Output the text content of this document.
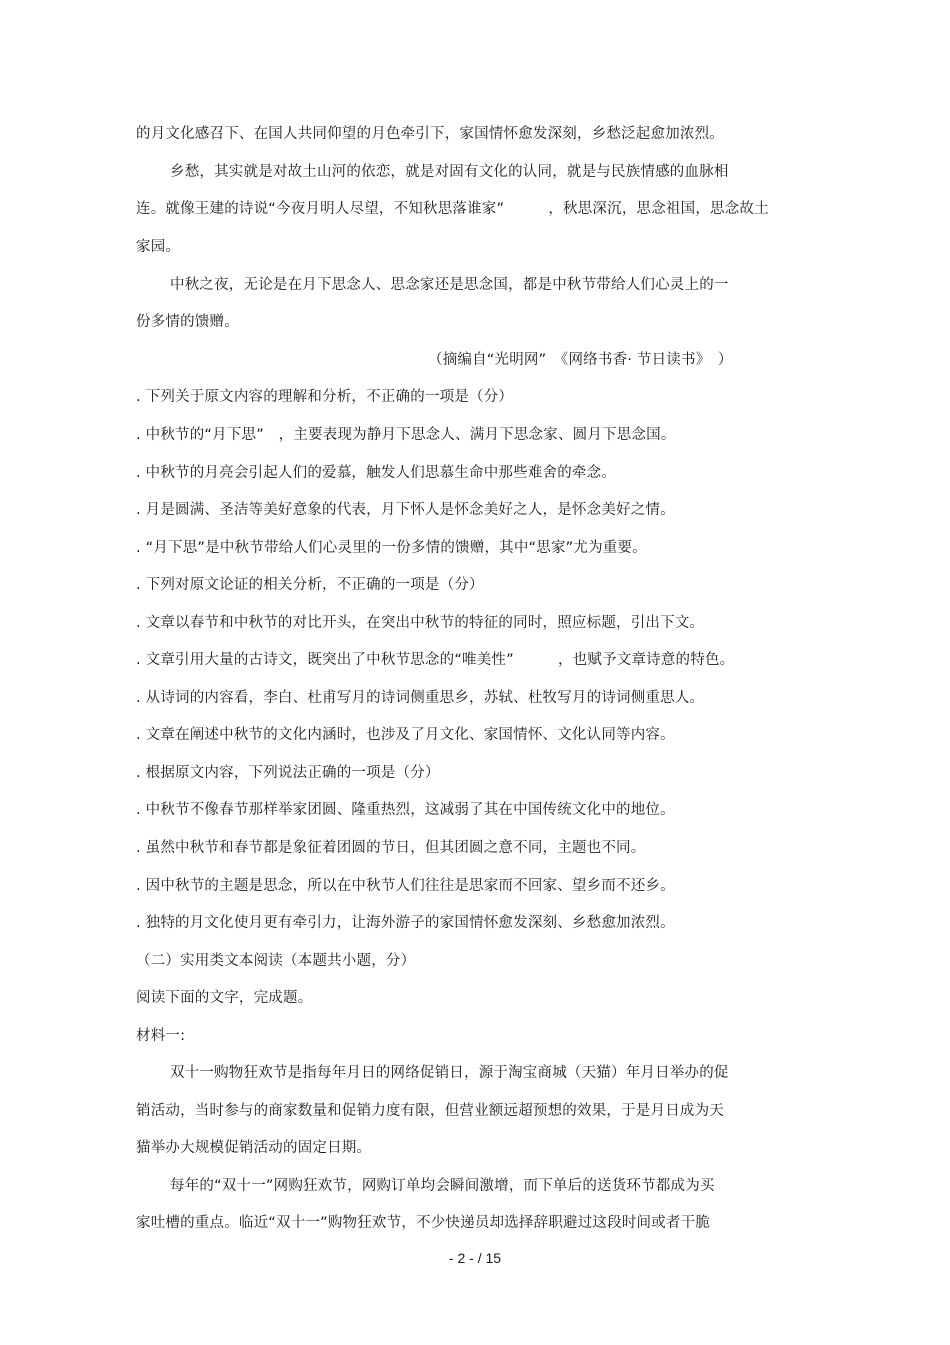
的月文化感召下、在国人共同仰望的月色牵引下，家国情怀愈发深刻，乡愁泛起愈加浓烈。
乡愁，其实就是对故土山河的依恋，就是对固有文化的认同，就是与民族情感的血脉相
连。就像王建的诗说“今夜月明人尽望，不知秋思落谁家”　　　，秋思深沉，思念祖国，思念故土
家园。
中秋之夜，无论是在月下思念人、思念家还是思念国，都是中秋节带给人们心灵上的一
份多情的馈赠。
（摘编自“光明网”　《网络书香· 节日读书》　）
. 下列关于原文内容的理解和分析，不正确的一项是（分）
. 中秋节的“月下思”　，主要表现为静月下思念人、满月下思念家、圆月下思念国。
. 中秋节的月亮会引起人们的爱慕，触发人们思慕生命中那些难舍的牵念。
. 月是圆满、圣洁等美好意象的代表，月下怀人是怀念美好之人，是怀念美好之情。
. “月下思”是中秋节带给人们心灵里的一份多情的馈赠，其中“思家”尤为重要。
. 下列对原文论证的相关分析，不正确的一项是（分）
. 文章以春节和中秋节的对比开头，在突出中秋节的特征的同时，照应标题，引出下文。
. 文章引用大量的古诗文，既突出了中秋节思念的“唯美性”　　　，也赋予文章诗意的特色。
. 从诗词的内容看，李白、杜甫写月的诗词侧重思乡，苏轼、杜牧写月的诗词侧重思人。
. 文章在阐述中秋节的文化内涵时，也涉及了月文化、家国情怀、文化认同等内容。
. 根据原文内容，下列说法正确的一项是（分）
. 中秋节不像春节那样举家团圆、隆重热烈，这减弱了其在中国传统文化中的地位。
. 虽然中秋节和春节都是象征着团圆的节日，但其团圆之意不同，主题也不同。
. 因中秋节的主题是思念，所以在中秋节人们往往是思家而不回家、望乡而不还乡。
. 独特的月文化使月更有牵引力，让海外游子的家国情怀愈发深刻、乡愁愈加浓烈。
（二）实用类文本阅读（本题共小题，分）
阅读下面的文字，完成题。
材料一:
双十一购物狂欢节是指每年月日的网络促销日，源于淘宝商城（天猫）年月日举办的促
销活动，当时参与的商家数量和促销力度有限，但营业额远超预想的效果，于是月日成为天
猫举办大规模促销活动的固定日期。
每年的“双十一”网购狂欢节，网购订单均会瞬间激增，而下单后的送货环节都成为买
家吐槽的重点。临近“双十一”购物狂欢节，不少快递员却选择辞职避过这段时间或者干脆
- 2 - / 15
